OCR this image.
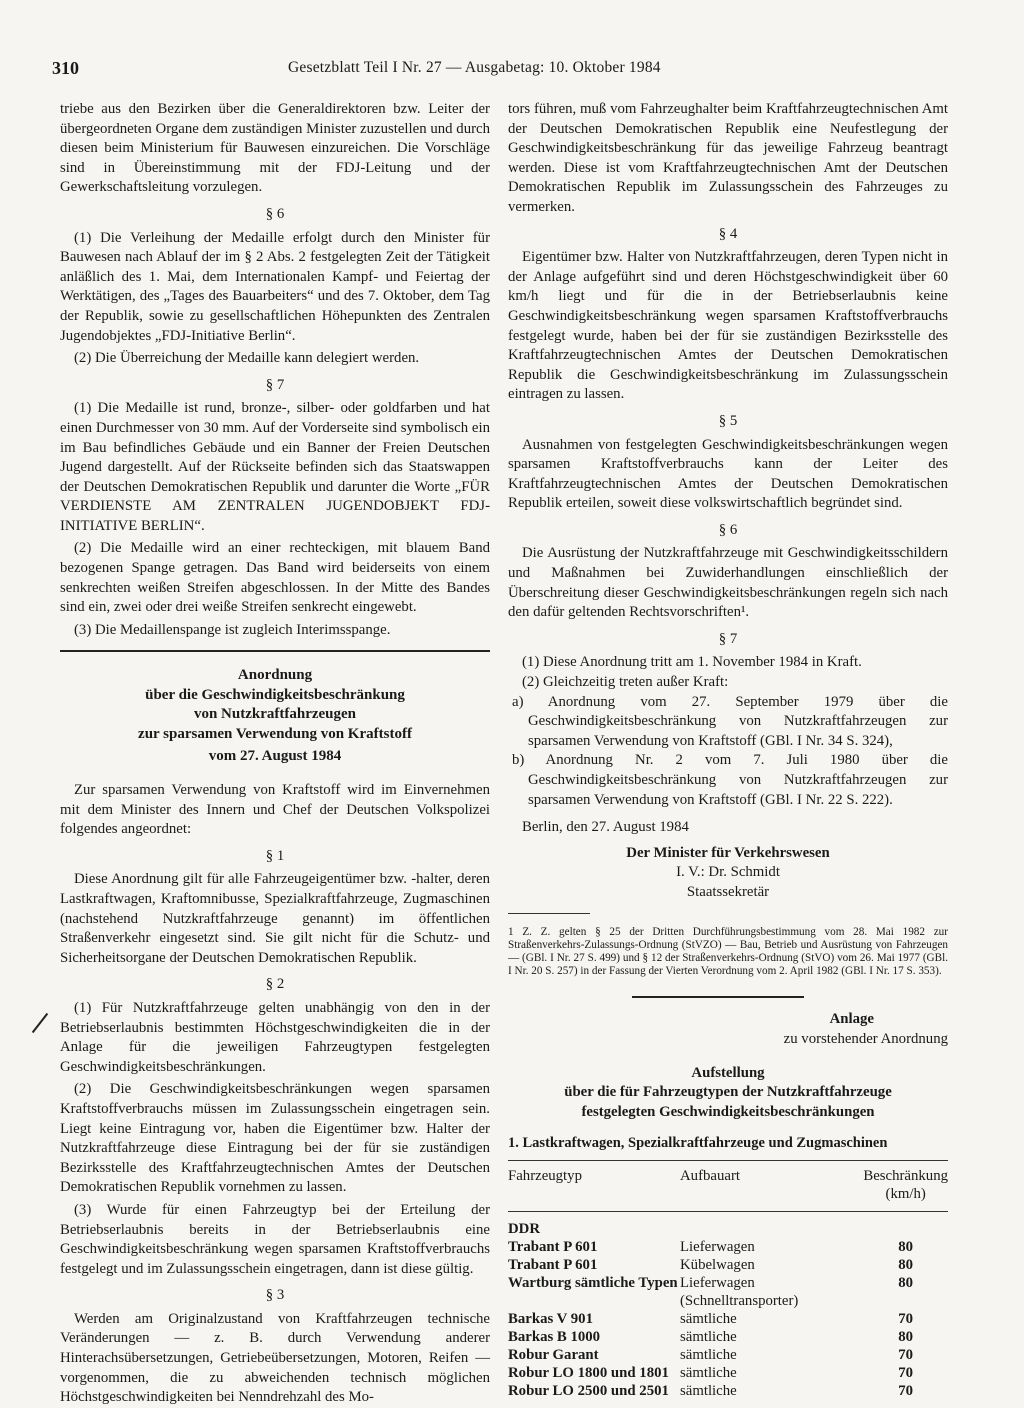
310	Gesetzblatt Teil I Nr. 27 — Ausgabetag: 10. Oktober 1984

triebe aus den Bezirken über die Generaldirektoren bzw. Leiter der übergeordneten Organe dem zuständigen Minister zuzustellen und durch diesen beim Ministerium für Bauwesen einzureichen. Die Vorschläge sind in Übereinstimmung mit der FDJ-Leitung und der Gewerkschaftsleitung vorzulegen.

§ 6

(1) Die Verleihung der Medaille erfolgt durch den Minister für Bauwesen nach Ablauf der im § 2 Abs. 2 festgelegten Zeit der Tätigkeit anläßlich des 1. Mai, dem Internationalen Kampf- und Feiertag der Werktätigen, des „Tages des Bauarbeiters“ und des 7. Oktober, dem Tag der Republik, sowie zu gesellschaftlichen Höhepunkten des Zentralen Jugendobjektes „FDJ-Initiative Berlin“.

(2) Die Überreichung der Medaille kann delegiert werden.

§ 7

(1) Die Medaille ist rund, bronze-, silber- oder goldfarben und hat einen Durchmesser von 30 mm. Auf der Vorderseite sind symbolisch ein im Bau befindliches Gebäude und ein Banner der Freien Deutschen Jugend dargestellt. Auf der Rückseite befinden sich das Staatswappen der Deutschen Demokratischen Republik und darunter die Worte „FÜR VERDIENSTE AM ZENTRALEN JUGENDOBJEKT FDJ-INITIATIVE BERLIN“.

(2) Die Medaille wird an einer rechteckigen, mit blauem Band bezogenen Spange getragen. Das Band wird beiderseits von einem senkrechten weißen Streifen abgeschlossen. In der Mitte des Bandes sind ein, zwei oder drei weiße Streifen senkrecht eingewebt.

(3) Die Medaillenspange ist zugleich Interimsspange.

Anordnung

über die Geschwindigkeitsbeschränkung

von Nutzkraftfahrzeugen

zur sparsamen Verwendung von Kraftstoff

vom 27. August 1984

Zur sparsamen Verwendung von Kraftstoff wird im Einvernehmen mit dem Minister des Innern und Chef der Deutschen Volkspolizei folgendes angeordnet:

§ 1

Diese Anordnung gilt für alle Fahrzeugeigentümer bzw. -halter, deren Lastkraftwagen, Kraftomnibusse, Spezialkraftfahrzeuge, Zugmaschinen (nachstehend Nutzkraftfahrzeuge genannt) im öffentlichen Straßenverkehr eingesetzt sind. Sie gilt nicht für die Schutz- und Sicherheitsorgane der Deutschen Demokratischen Republik.

§ 2

(1) Für Nutzkraftfahrzeuge gelten unabhängig von den in der Betriebserlaubnis bestimmten Höchstgeschwindigkeiten die in der Anlage für die jeweiligen Fahrzeugtypen festgelegten Geschwindigkeitsbeschränkungen.

(2) Die Geschwindigkeitsbeschränkungen wegen sparsamen Kraftstoffverbrauchs müssen im Zulassungsschein eingetragen sein. Liegt keine Eintragung vor, haben die Eigentümer bzw. Halter der Nutzkraftfahrzeuge diese Eintragung bei der für sie zuständigen Bezirksstelle des Kraftfahrzeugtechnischen Amtes der Deutschen Demokratischen Republik vornehmen zu lassen.

(3) Wurde für einen Fahrzeugtyp bei der Erteilung der Betriebserlaubnis bereits in der Betriebserlaubnis eine Geschwindigkeitsbeschränkung wegen sparsamen Kraftstoffverbrauchs festgelegt und im Zulassungsschein eingetragen, dann ist diese gültig.

§ 3

Werden am Originalzustand von Kraftfahrzeugen technische Veränderungen — z. B. durch Verwendung anderer Hinterachsübersetzungen, Getriebeübersetzungen, Motoren, Reifen — vorgenommen, die zu abweichenden technisch möglichen Höchstgeschwindigkeiten bei Nenndrehzahl des Mo-

tors führen, muß vom Fahrzeughalter beim Kraftfahrzeugtechnischen Amt der Deutschen Demokratischen Republik eine Neufestlegung der Geschwindigkeitsbeschränkung für das jeweilige Fahrzeug beantragt werden. Diese ist vom Kraftfahrzeugtechnischen Amt der Deutschen Demokratischen Republik im Zulassungsschein des Fahrzeuges zu vermerken.

§ 4

Eigentümer bzw. Halter von Nutzkraftfahrzeugen, deren Typen nicht in der Anlage aufgeführt sind und deren Höchstgeschwindigkeit über 60 km/h liegt und für die in der Betriebserlaubnis keine Geschwindigkeitsbeschränkung wegen sparsamen Kraftstoffverbrauchs festgelegt wurde, haben bei der für sie zuständigen Bezirksstelle des Kraftfahrzeugtechnischen Amtes der Deutschen Demokratischen Republik die Geschwindigkeitsbeschränkung im Zulassungsschein eintragen zu lassen.

§ 5

Ausnahmen von festgelegten Geschwindigkeitsbeschränkungen wegen sparsamen Kraftstoffverbrauchs kann der Leiter des Kraftfahrzeugtechnischen Amtes der Deutschen Demokratischen Republik erteilen, soweit diese volkswirtschaftlich begründet sind.

§ 6

Die Ausrüstung der Nutzkraftfahrzeuge mit Geschwindigkeitsschildern und Maßnahmen bei Zuwiderhandlungen einschließlich der Überschreitung dieser Geschwindigkeitsbeschränkungen regeln sich nach den dafür geltenden Rechtsvorschriften¹.

§ 7

(1) Diese Anordnung tritt am 1. November 1984 in Kraft.

(2) Gleichzeitig treten außer Kraft:

a) Anordnung vom 27. September 1979 über die Geschwindigkeitsbeschränkung von Nutzkraftfahrzeugen zur sparsamen Verwendung von Kraftstoff (GBl. I Nr. 34 S. 324),

b) Anordnung Nr. 2 vom 7. Juli 1980 über die Geschwindigkeitsbeschränkung von Nutzkraftfahrzeugen zur sparsamen Verwendung von Kraftstoff (GBl. I Nr. 22 S. 222).

Berlin, den 27. August 1984

Der Minister für Verkehrswesen

I. V.: Dr. Schmidt

Staatssekretär

1 Z. Z. gelten § 25 der Dritten Durchführungsbestimmung vom 28. Mai 1982 zur Straßenverkehrs-Zulassungs-Ordnung (StVZO) — Bau, Betrieb und Ausrüstung von Fahrzeugen — (GBl. I Nr. 27 S. 499) und § 12 der Straßenverkehrs-Ordnung (StVO) vom 26. Mai 1977 (GBl. I Nr. 20 S. 257) in der Fassung der Vierten Verordnung vom 2. April 1982 (GBl. I Nr. 17 S. 353).

Anlage

zu vorstehender Anordnung

Aufstellung

über die für Fahrzeugtypen der Nutzkraftfahrzeuge

festgelegten Geschwindigkeitsbeschränkungen

1. Lastkraftwagen, Spezialkraftfahrzeuge und Zugmaschinen

Fahrzeugtyp	Aufbauart	Beschränkung (km/h)

DDR		
Trabant P 601	Lieferwagen	80
Trabant P 601	Kübelwagen	80
Wartburg sämtliche Typen	Lieferwagen (Schnelltransporter)	80
Barkas V 901	sämtliche	70
Barkas B 1000	sämtliche	80
Robur Garant	sämtliche	70
Robur LO 1800 und 1801	sämtliche	70
Robur LO 2500 und 2501	sämtliche	70
